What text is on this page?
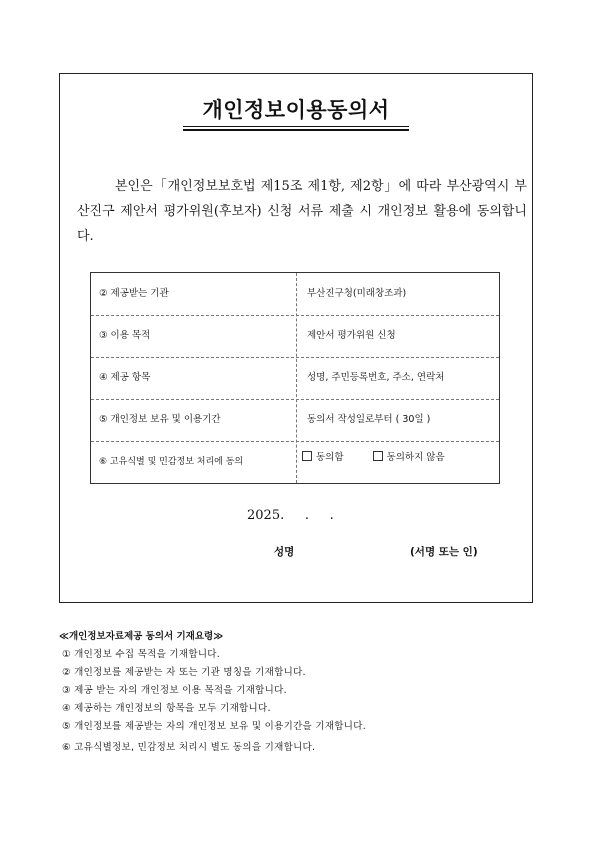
개인정보이용동의서
본인은「개인정보보호법 제15조 제1항, 제2항」에 따라 부산광역시 부산진구 제안서 평가위원(후보자) 신청 서류 제출 시 개인정보 활용에 동의합니다.
② 제공받는 기관	부산진구청(미래창조과)
③ 이용 목적	제안서 평가위원 신청
④ 제공 항목	성명, 주민등록번호, 주소, 연락처
⑤ 개인정보 보유 및 이용기간	동의서 작성일로부터 ( 30일 )
⑥ 고유식별 및 민감정보 처리에 동의	동의함	동의하지 않음
2025.     .     .
성명	(서명 또는 인)
≪개인정보자료제공 동의서 기재요령≫
① 개인정보 수집 목적을 기재합니다.
② 개인정보를 제공받는 자 또는 기관 명칭을 기재합니다.
③ 제공 받는 자의 개인정보 이용 목적을 기재합니다.
④ 제공하는 개인정보의 항목을 모두 기재합니다.
⑤ 개인정보를 제공받는 자의 개인정보 보유 및 이용기간을 기재합니다.
⑥ 고유식별정보, 민감정보 처리시 별도 동의을 기재합니다.
